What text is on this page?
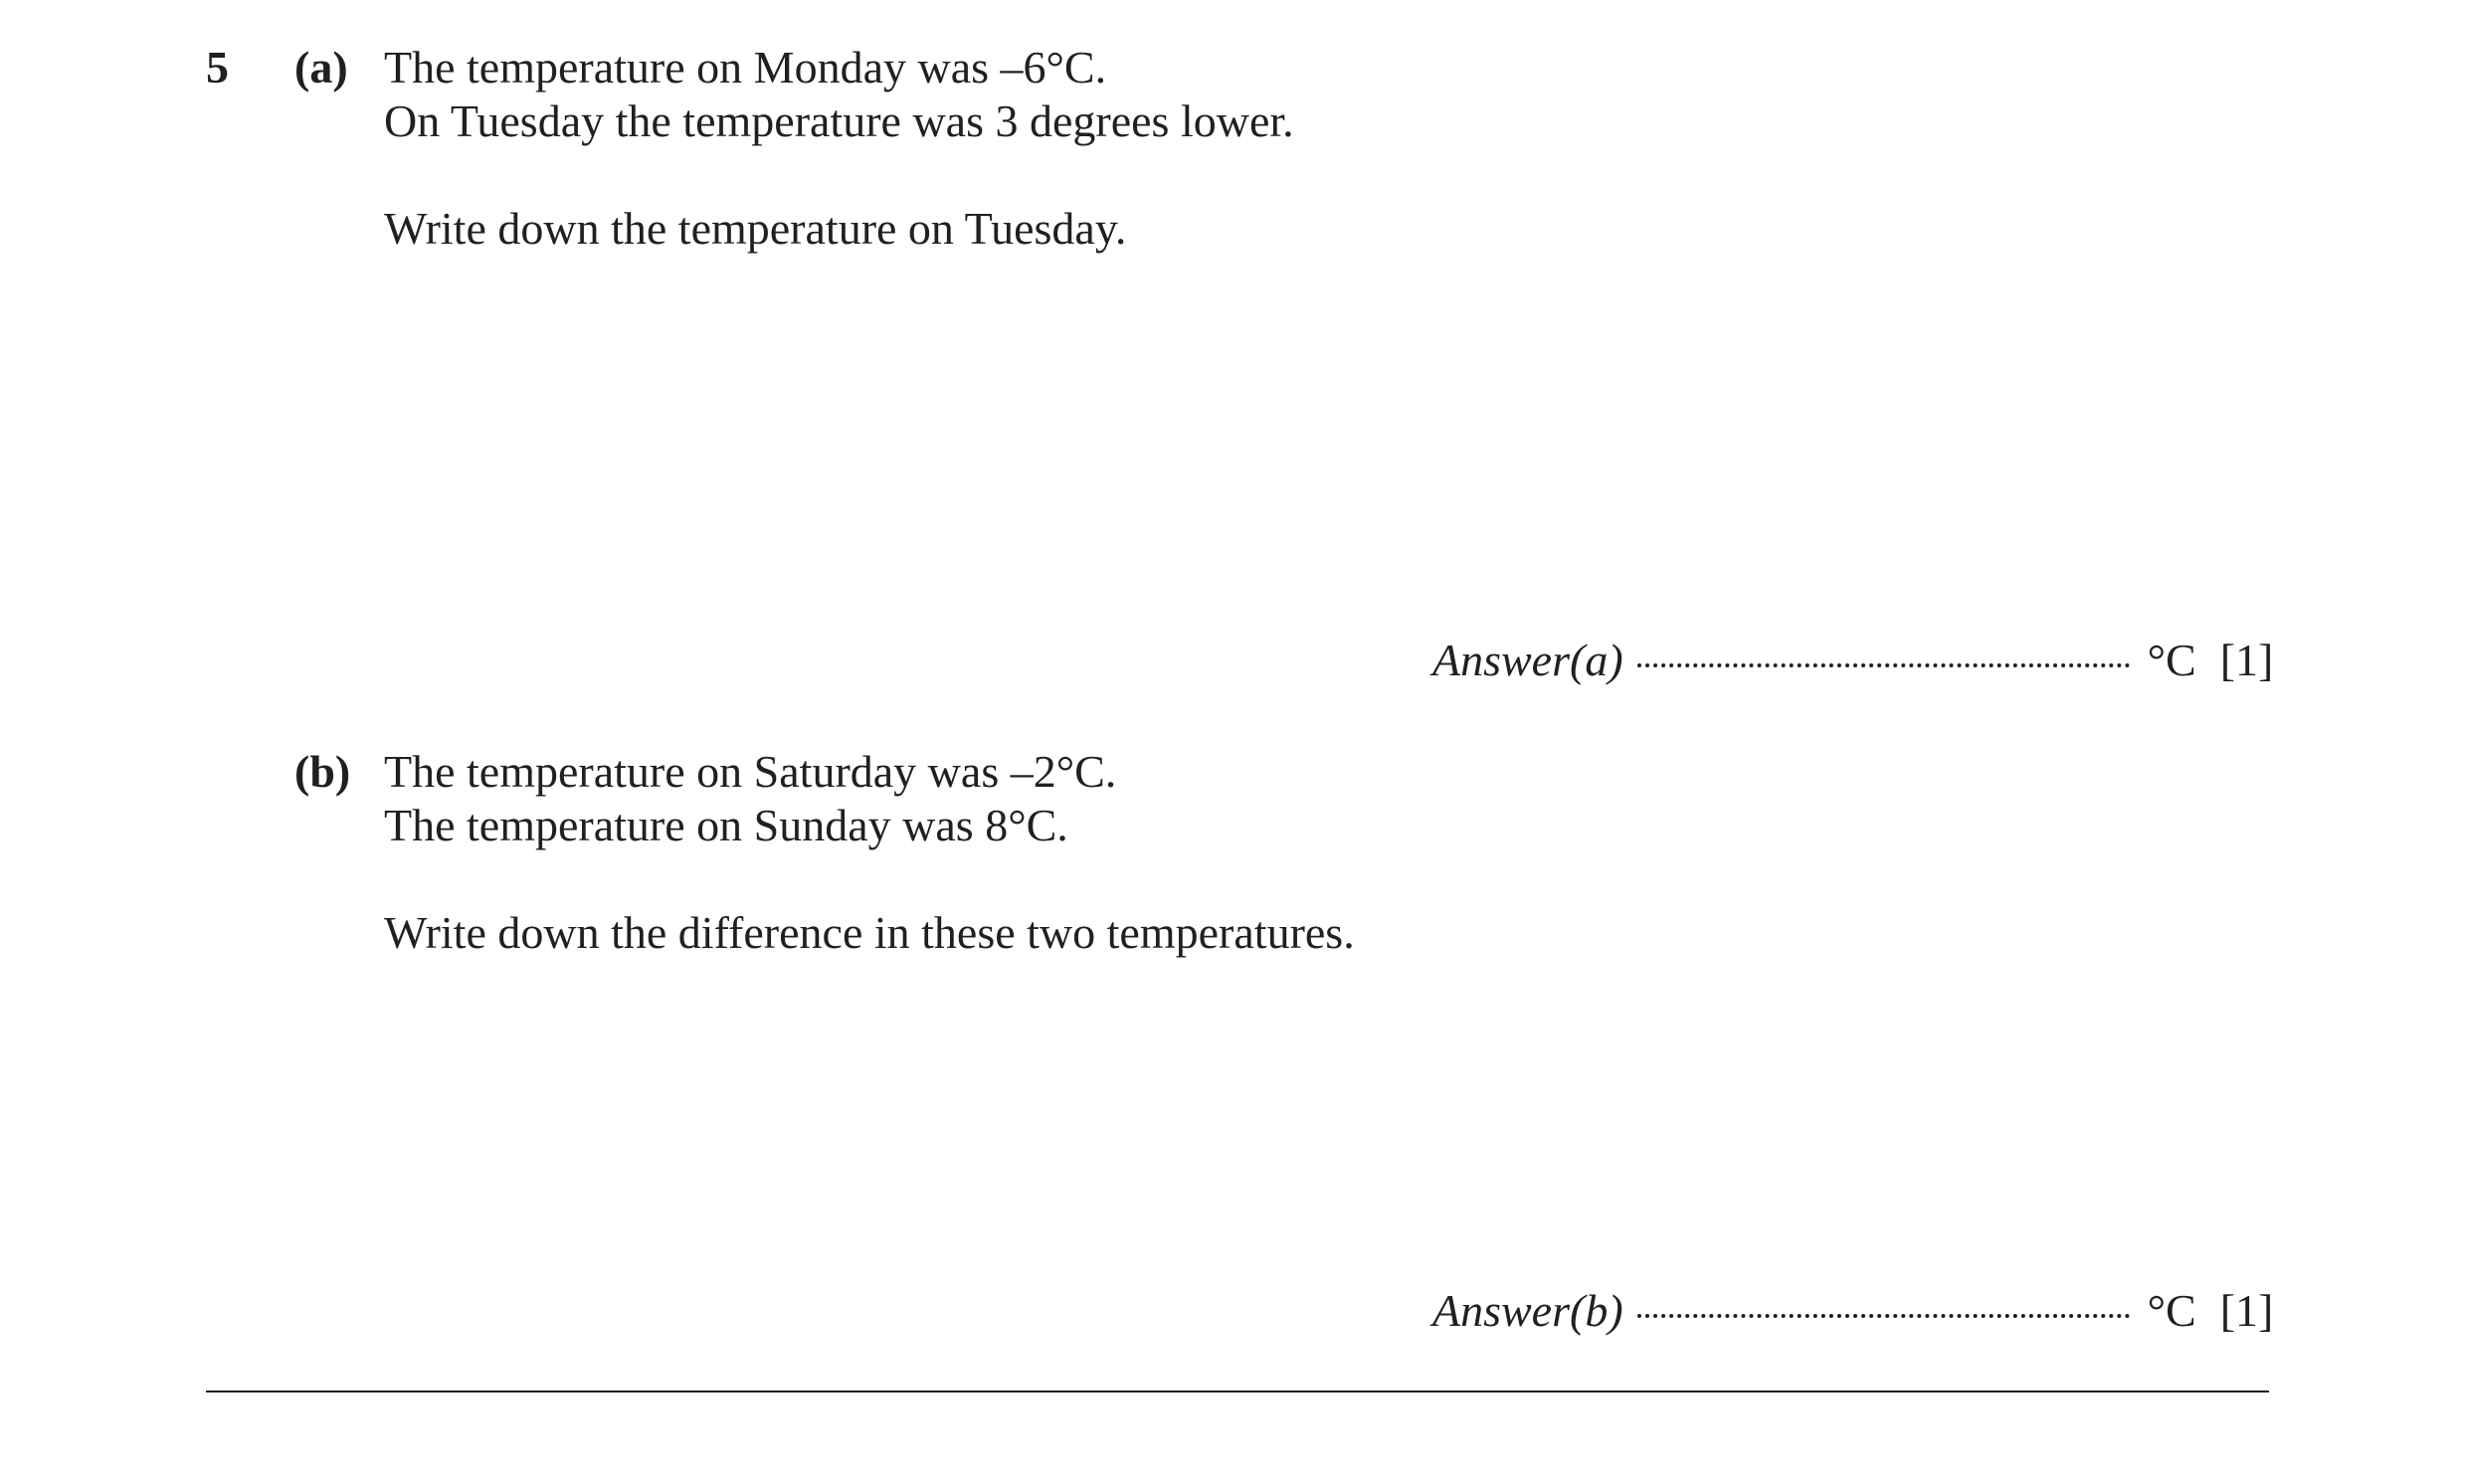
5 (a) The temperature on Monday was –6°C.
On Tuesday the temperature was 3 degrees lower.
Write down the temperature on Tuesday.
Answer(a)	°C [1]
(b) The temperature on Saturday was –2°C.
The temperature on Sunday was 8°C.
Write down the difference in these two temperatures.
Answer(b)	°C [1]
